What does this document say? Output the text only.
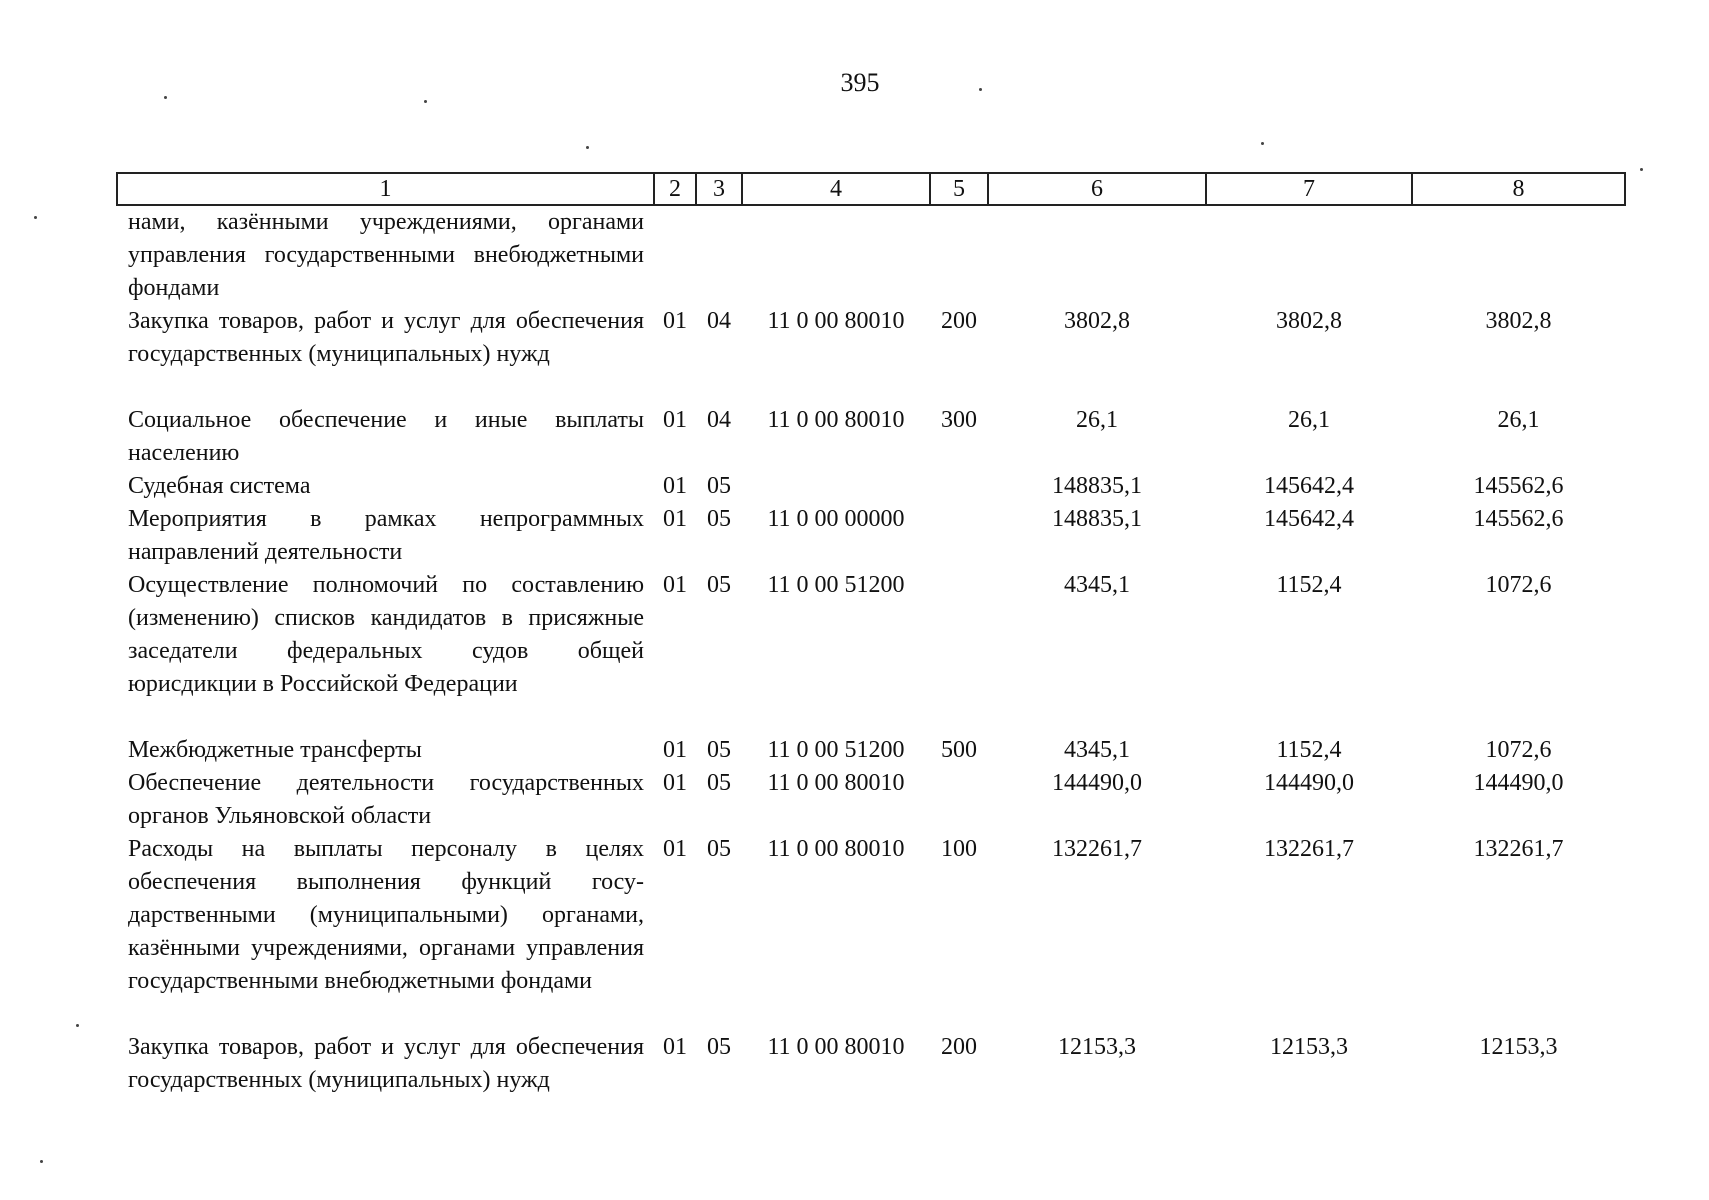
395
1	2	3	4	5	6	7	8
нами, казёнными учреждениями, органами управления государственными внебюджетными фондами							
Закупка товаров, работ и услуг для обеспечения государственных (муниципальных) нужд	01	04	11 0 00 80010	200	3802,8	3802,8	3802,8
Социальное обеспечение и иные выплаты населению	01	04	11 0 00 80010	300	26,1	26,1	26,1
Судебная система	01	05			148835,1	145642,4	145562,6
Мероприятия в рамках непрограммных направлений деятельности	01	05	11 0 00 00000		148835,1	145642,4	145562,6
Осуществление полномочий по составлению (изменению) списков кандидатов в присяжные заседатели федеральных судов общей юрисдикции в Российской Федерации	01	05	11 0 00 51200		4345,1	1152,4	1072,6
Межбюджетные трансферты	01	05	11 0 00 51200	500	4345,1	1152,4	1072,6
Обеспечение деятельности государственных органов Ульяновской области	01	05	11 0 00 80010		144490,0	144490,0	144490,0
Расходы на выплаты персоналу в целях обеспечения выполнения функций государственными (муниципальными) органами, казёнными учреждениями, органами управления государственными внебюджетными фондами	01	05	11 0 00 80010	100	132261,7	132261,7	132261,7
Закупка товаров, работ и услуг для обеспечения государственных (муниципальных) нужд	01	05	11 0 00 80010	200	12153,3	12153,3	12153,3
